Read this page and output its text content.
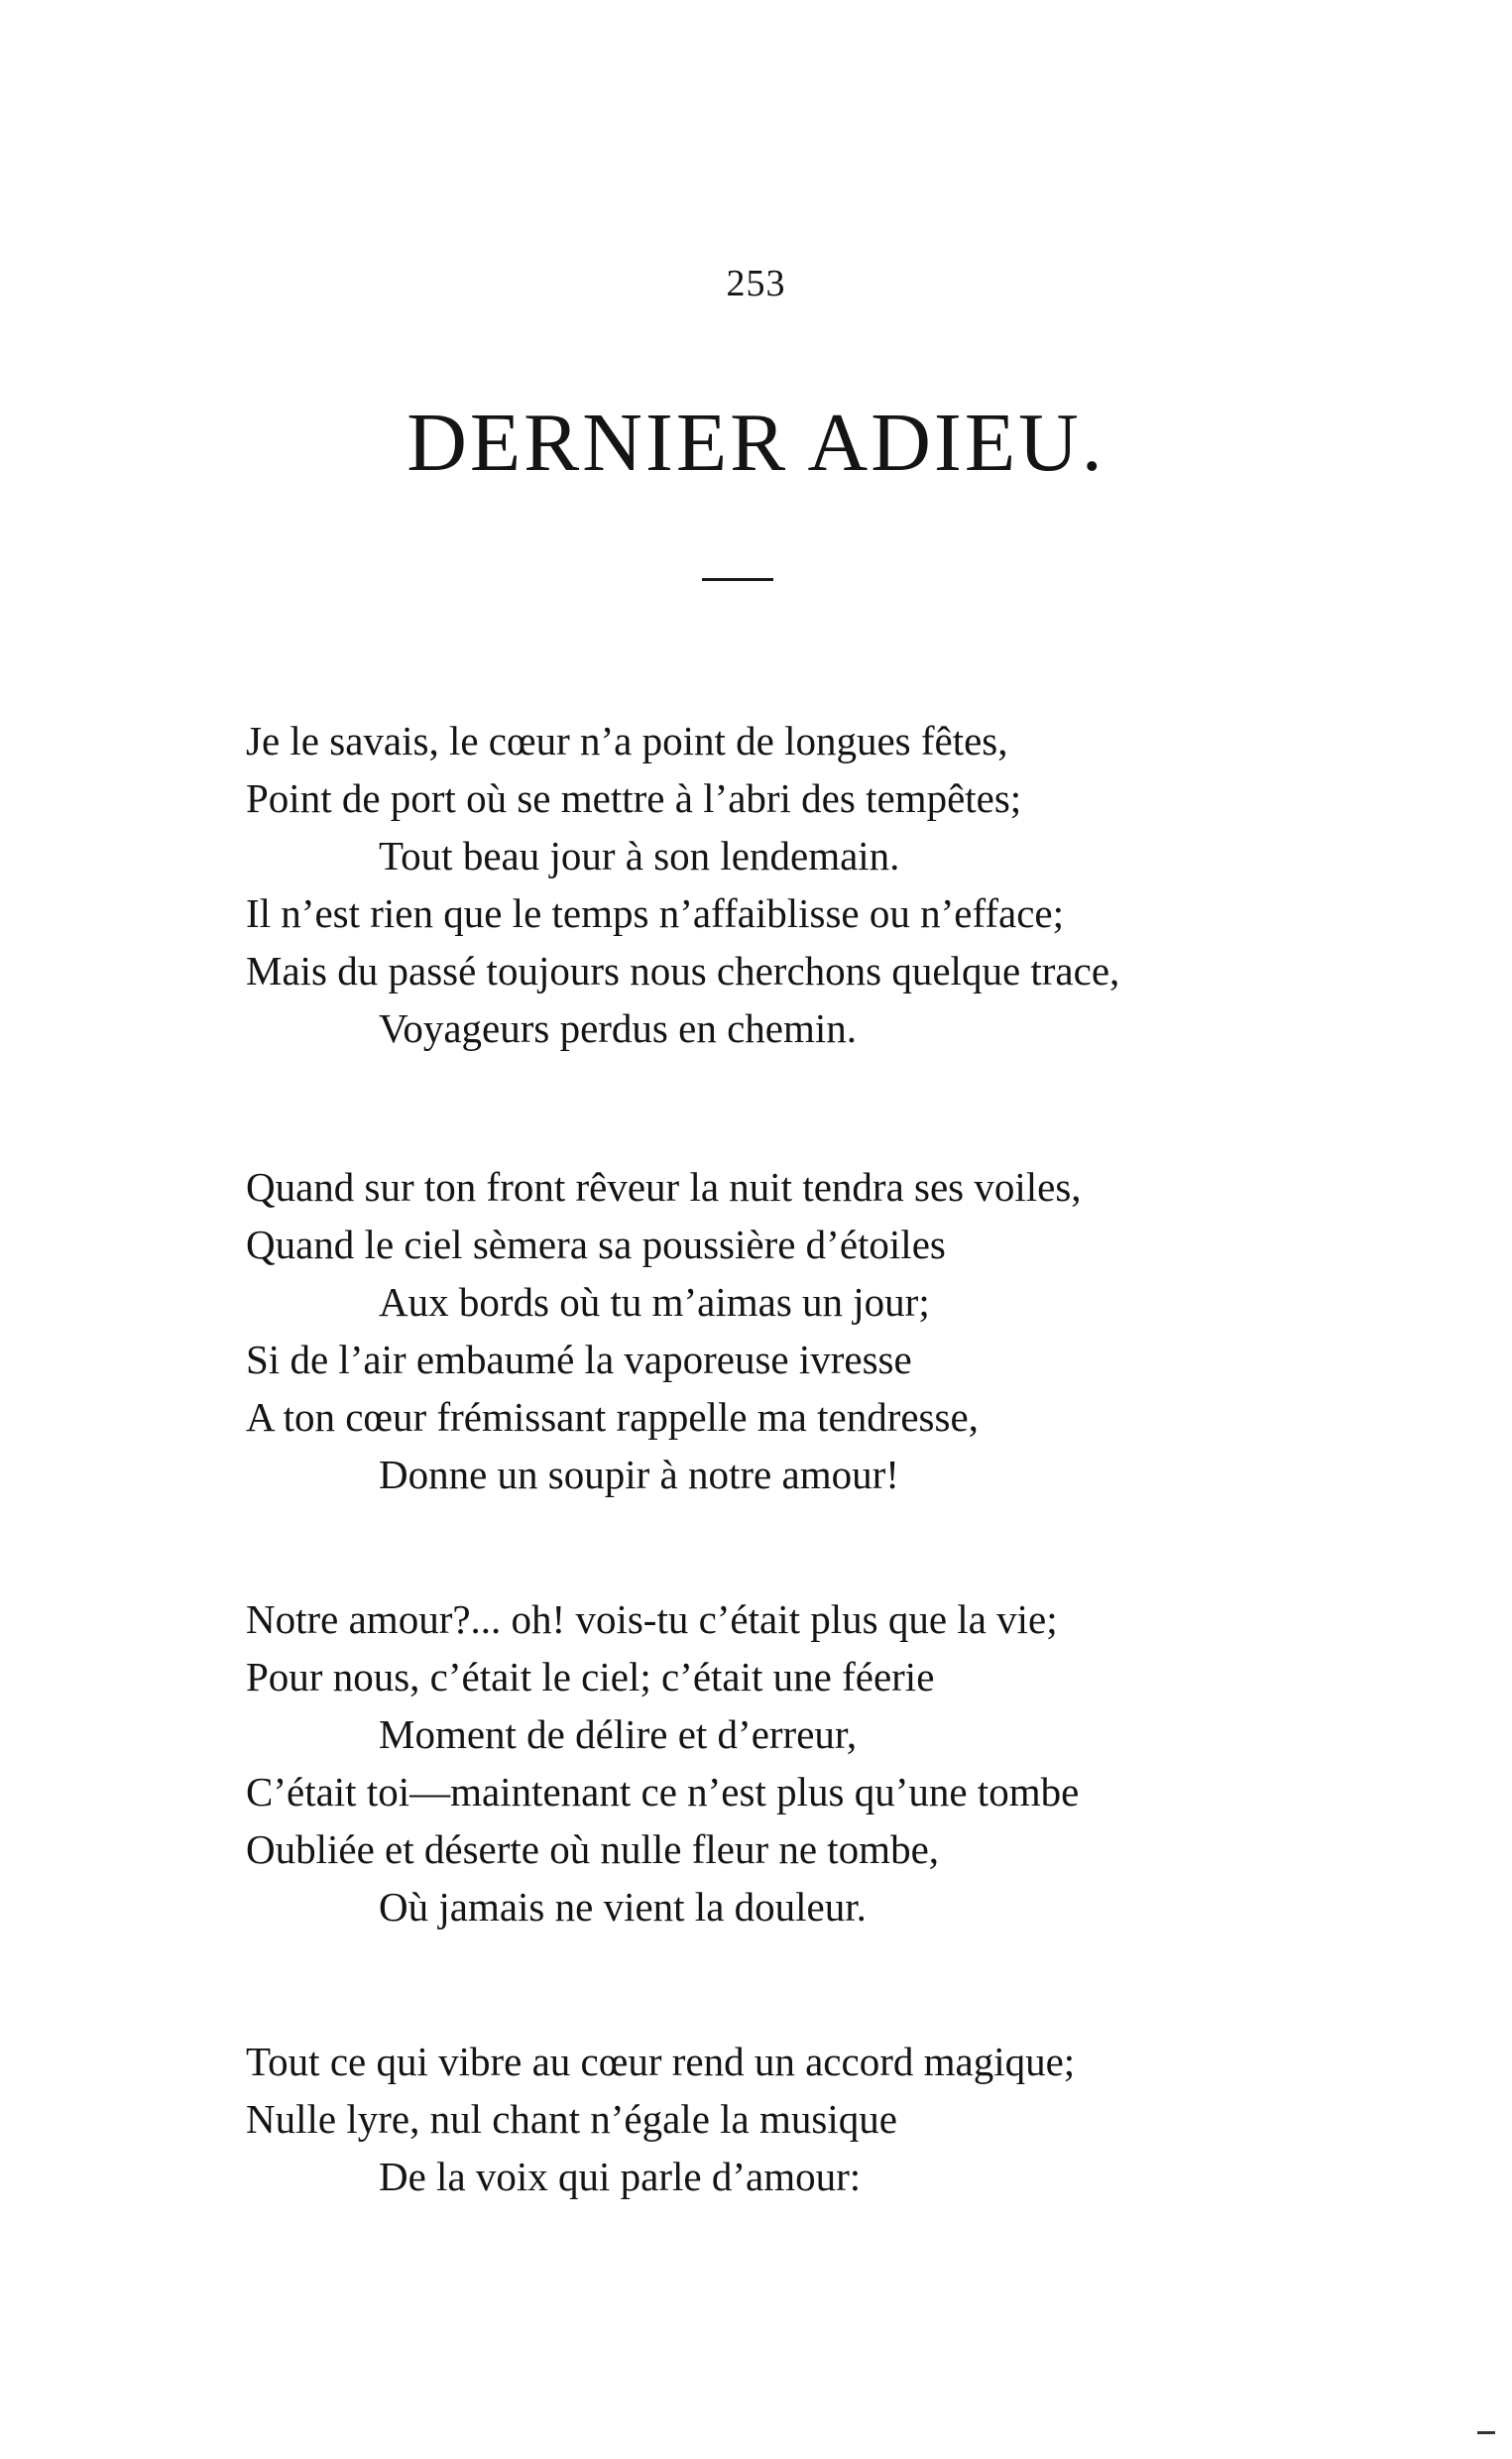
253
DERNIER ADIEU.
Je le savais, le cœur n’a point de longues fêtes,
Point de port où se mettre à l’abri des tempêtes;
Tout beau jour à son lendemain.
Il n’est rien que le temps n’affaiblisse ou n’efface;
Mais du passé toujours nous cherchons quelque trace,
Voyageurs perdus en chemin.
Quand sur ton front rêveur la nuit tendra ses voiles,
Quand le ciel sèmera sa poussière d’étoiles
Aux bords où tu m’aimas un jour;
Si de l’air embaumé la vaporeuse ivresse
A ton cœur frémissant rappelle ma tendresse,
Donne un soupir à notre amour!
Notre amour?... oh! vois-tu c’était plus que la vie;
Pour nous, c’était le ciel; c’était une féerie
Moment de délire et d’erreur,
C’était toi—maintenant ce n’est plus qu’une tombe
Oubliée et déserte où nulle fleur ne tombe,
Où jamais ne vient la douleur.
Tout ce qui vibre au cœur rend un accord magique;
Nulle lyre, nul chant n’égale la musique
De la voix qui parle d’amour:
